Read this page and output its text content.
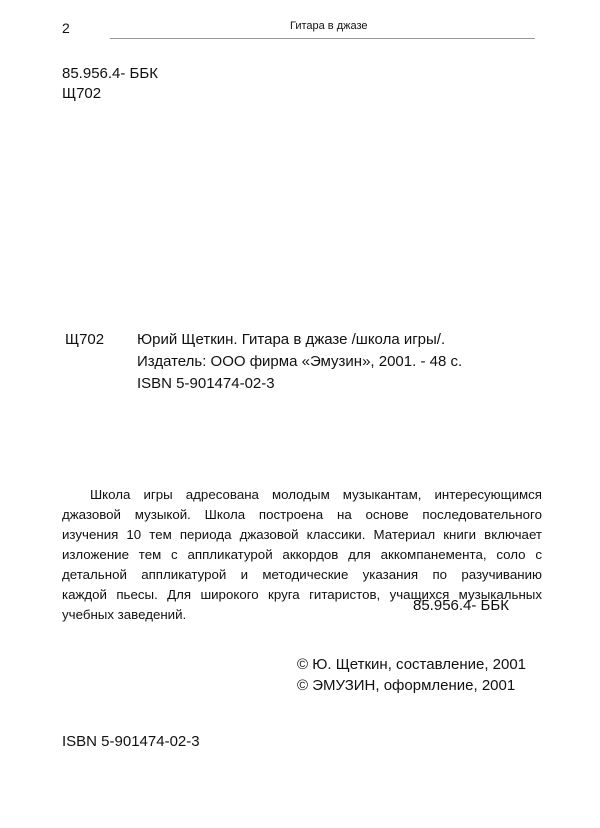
2	Гитара в джазе
85.956.4- ББК
Щ702
Щ702 Юрий Щеткин. Гитара в джазе /школа игры/.
Издатель: ООО фирма «Эмузин», 2001. - 48 с.
ISBN 5-901474-02-3
Школа игры адресована молодым музыкантам, интересующимся
джазовой музыкой. Школа построена на основе последовательного
изучения 10 тем периода джазовой классики. Материал книги включает
изложение тем с аппликатурой аккордов для аккомпанемента, соло с
детальной аппликатурой и методические указания по разучиванию
каждой пьесы. Для широкого круга гитаристов, учащихся музыкальных
учебных заведений.
85.956.4- ББК
© Ю. Щеткин, составление, 2001
© ЭМУЗИН, оформление, 2001
ISBN 5-901474-02-3
